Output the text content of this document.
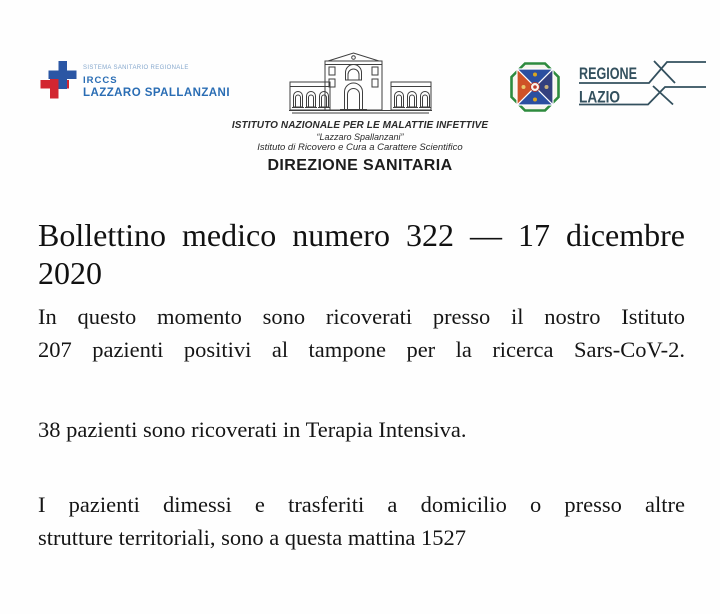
SISTEMA SANITARIO REGIONALE
IRCCS
LAZZARO SPALLANZANI
ISTITUTO NAZIONALE PER LE MALATTIE INFETTIVE
“Lazzaro Spallanzani”
Istituto di Ricovero e Cura a Carattere Scientifico
DIREZIONE SANITARIA
REGIONE
LAZIO
Bollettino medico numero 322 — 17 dicembre
2020

In questo momento sono ricoverati presso il nostro Istituto
207 pazienti positivi al tampone per la ricerca Sars-CoV-2.

38 pazienti sono ricoverati in Terapia Intensiva.

I pazienti dimessi e trasferiti a domicilio o presso altre
strutture territoriali, sono a questa mattina 1527
